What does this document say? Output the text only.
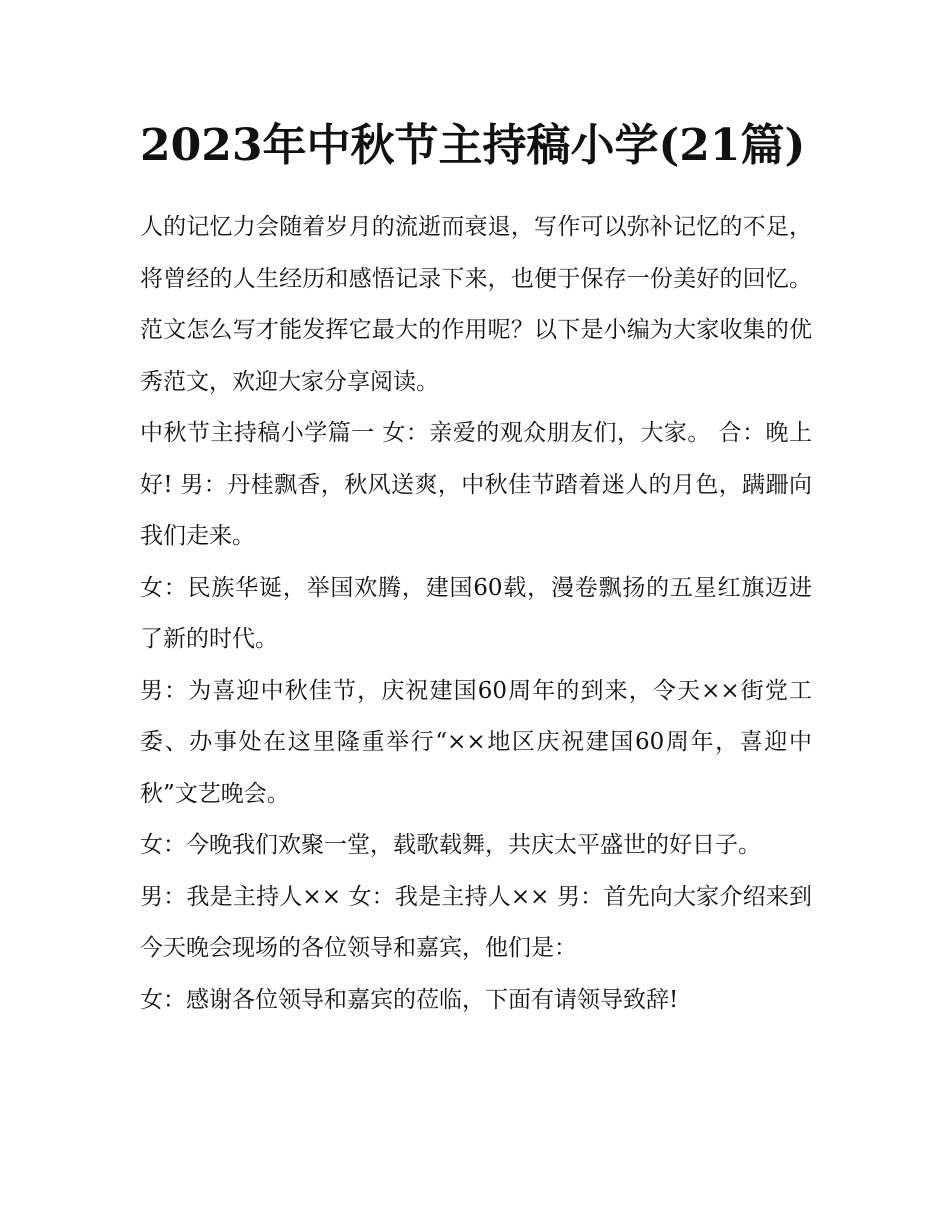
2023年中秋节主持稿小学(21篇)

人的记忆力会随着岁月的流逝而衰退，写作可以弥补记忆的不足，将曾经的人生经历和感悟记录下来，也便于保存一份美好的回忆。范文怎么写才能发挥它最大的作用呢？以下是小编为大家收集的优秀范文，欢迎大家分享阅读。

中秋节主持稿小学篇一 女：亲爱的观众朋友们，大家。 合：晚上好! 男：丹桂飘香，秋风送爽，中秋佳节踏着迷人的月色，蹒跚向我们走来。

女：民族华诞，举国欢腾，建国60载，漫卷飘扬的五星红旗迈进了新的时代。

男：为喜迎中秋佳节，庆祝建国60周年的到来，令天××街党工委、办事处在这里隆重举行“××地区庆祝建国60周年，喜迎中秋”文艺晚会。

女：今晚我们欢聚一堂，载歌载舞，共庆太平盛世的好日子。

男：我是主持人×× 女：我是主持人×× 男：首先向大家介绍来到今天晚会现场的各位领导和嘉宾，他们是：

女：感谢各位领导和嘉宾的莅临，下面有请领导致辞!
